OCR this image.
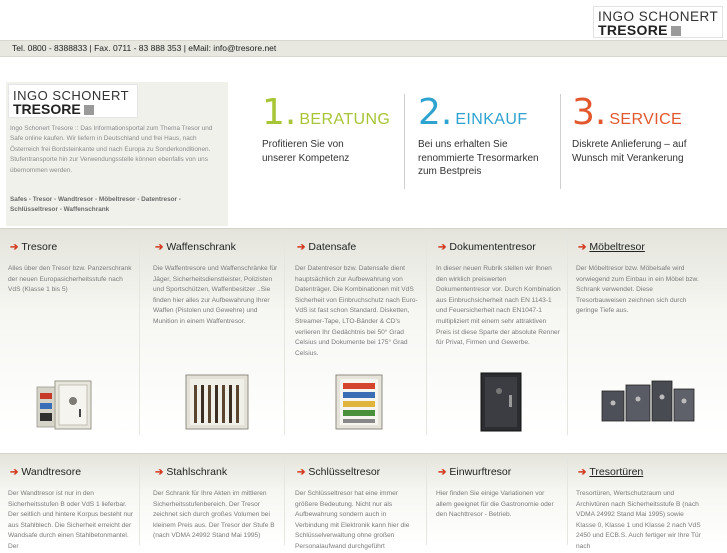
INGO SCHONERT
TRESORE
Tel. 0800 - 8388833 | Fax. 0711 - 83 888 353 | eMail: info@tresore.net
INGO SCHONERT
TRESORE
Ingo Schonert Tresore :: Das Informationsportal zum Thema Tresor und Safe online kaufen. Wir liefern in Deutschland und frei Haus, nach Österreich frei Bordsteinkante und nach Europa zu Sonderkonditionen. Stufentransporte hin zur Verwendungsstelle können ebenfalls von uns übernommen werden.
Safes - Tresor - Wandtresor - Möbeltresor - Datentresor - Schlüsseltresor - Waffenschrank
1. BERATUNG
Profitieren Sie von unserer Kompetenz
2. EINKAUF
Bei uns erhalten Sie renommierte Tresormarken zum Bestpreis
3. SERVICE
Diskrete Anlieferung – auf Wunsch mit Verankerung
➔ Tresore
Alles über den Tresor bzw. Panzerschrank der neuen Europasicherheitsstufe nach VdS (Klasse 1 bis 5)
➔ Waffenschrank
Die Waffentresore und Waffenschränke für Jäger, Sicherheitsdienstleister, Polizisten und Sportschützen, Waffenbesitzer ..Sie finden hier alles zur Aufbewahrung Ihrer Waffen (Pistolen und Gewehre) und Munition in einem Waffentresor.
➔ Datensafe
Der Datentresor bzw. Datensafe dient hauptsächlich zur Aufbewahrung von Datenträger. Die Kombinationen mit VdS Sicherheit von Einbruchschutz nach Euro-VdS ist fast schon Standard. Disketten, Streamer-Tape, LTO-Bänder & CD's verlieren Ihr Gedächtnis bei 50° Grad Celsius und Dokumente bei 175° Grad Celsius.
➔ Dokumententresor
In dieser neuen Rubrik stellen wir Ihnen den wirklich preiswerten Dokumententresor vor. Durch Kombination aus Einbruchsicherheit nach EN 1143-1 und Feuersicherheit nach EN1047-1 multipliziert mit einem sehr attraktiven Preis ist diese Sparte der absolute Renner für Privat, Firmen und Gewerbe.
➔ Möbeltresor
Der Möbeltresor bzw. Möbelsafe wird vorwiegend zum Einbau in ein Möbel bzw. Schrank verwendet. Diese Tresorbauweisen zeichnen sich durch geringe Tiefe aus.
➔ Wandtresore
Der Wandtresor ist nur in den Sicherheitsstufen B oder VdS 1 lieferbar. Der seitlich und hintere Korpus besteht nur aus Stahlblech. Die Sicherheit erreicht der Wandsafe durch einen Stahlbetonmantel. Der
➔ Stahlschrank
Der Schrank für Ihre Akten im mittleren Sicherheitsstufenbereich. Der Tresor zeichnet sich durch großes Volumen bei kleinem Preis aus. Der Tresor der Stufe B (nach VDMA 24992 Stand Mai 1995)
➔ Schlüsseltresor
Der Schlüsseltresor hat eine immer größere Bedeutung. Nicht nur als Aufbewahrung sondern auch in Verbindung mit Elektronik kann hier die Schlüsselverwaltung ohne großen Personalaufwand durchgeführt
➔ Einwurftresor
Hier finden Sie einige Variationen vor allem geeignet für die Gastronomie oder den Nachttresor - Betrieb.
➔ Tresortüren
Tresortüren, Wertschutzraum und Archivtüren nach Sicherheitsstufe B (nach VDMA 24992 Stand Mai 1995) sowie Klasse 0, Klasse 1 und Klasse 2 nach VdS 2450 und ECB.S. Auch fertiger wir Ihre Tür nach
